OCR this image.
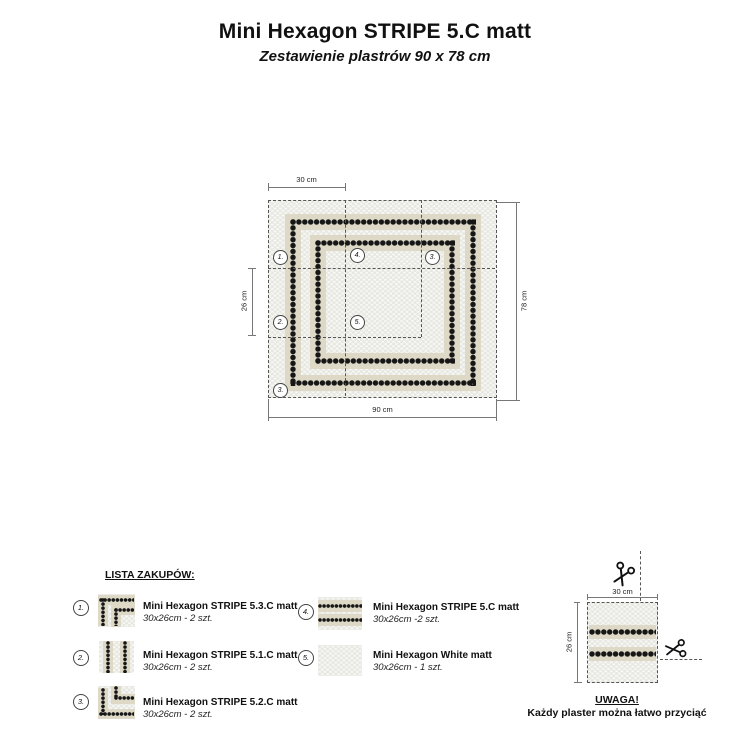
Mini Hexagon STRIPE 5.C matt
Zestawienie plastrów 90 x 78 cm
1.	4.	3.
2.	5.
3.
30 cm
26 cm
90 cm
78 cm
LISTA ZAKUPÓW:
1.	Mini Hexagon STRIPE 5.3.C matt
30x26cm - 2 szt.
2.	Mini Hexagon STRIPE 5.1.C matt
30x26cm - 2 szt.
3.	Mini Hexagon STRIPE 5.2.C matt
30x26cm - 2 szt.
4.	Mini Hexagon STRIPE 5.C matt
30x26cm -2 szt.
5.	Mini Hexagon White matt
30x26cm - 1 szt.
30 cm
26 cm
UWAGA!
Każdy plaster można łatwo przyciąć
